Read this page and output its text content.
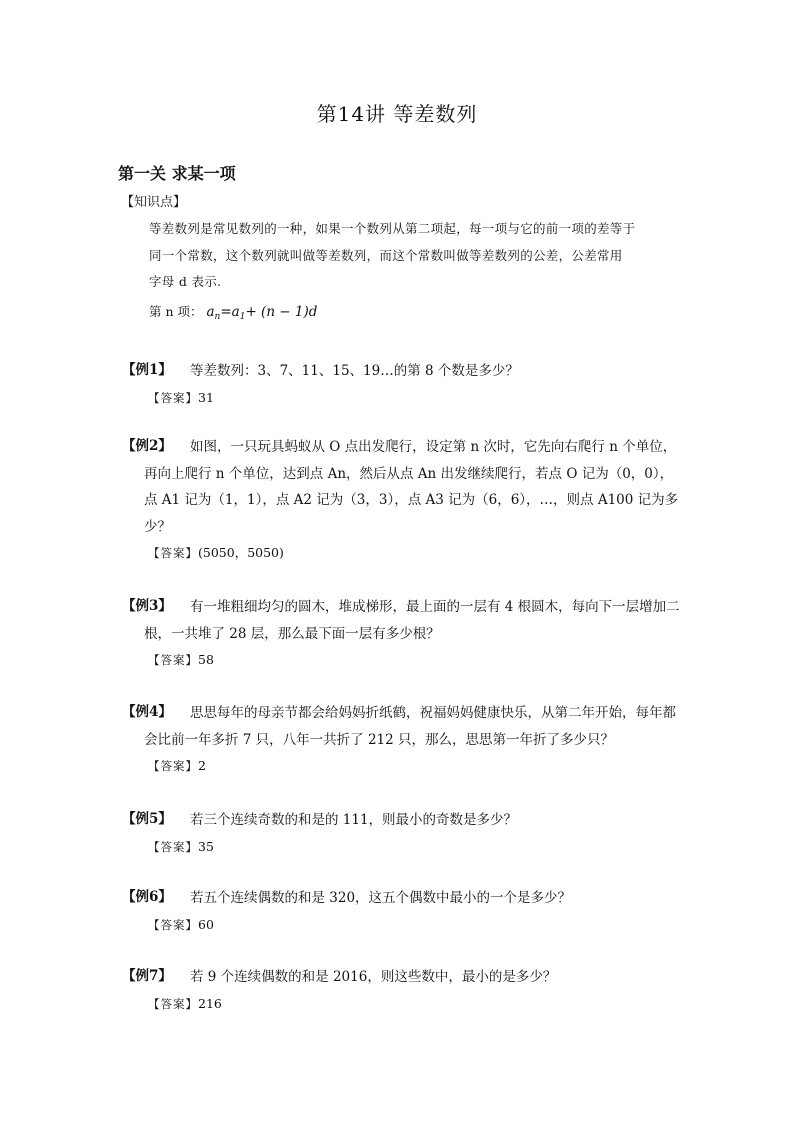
第14讲 等差数列
第一关 求某一项
【知识点】
等差数列是常见数列的一种，如果一个数列从第二项起，每一项与它的前一项的差等于
同一个常数，这个数列就叫做等差数列，而这个常数叫做等差数列的公差，公差常用
字母 d 表示.
第 n 项： $a_n=a_1+ (n - 1)d$
【例1】	等差数列：3、7、11、15、19…的第 8 个数是多少？
【答案】31
【例2】	如图，一只玩具蚂蚁从 O 点出发爬行，设定第 n 次时，它先向右爬行 n 个单位，再向上爬行 n 个单位，达到点 An，然后从点 An 出发继续爬行，若点 O 记为（0，0），点 A1 记为（1，1），点 A2 记为（3，3），点 A3 记为（6，6），…，则点 A100 记为多少？
【答案】(5050，5050)
【例3】	有一堆粗细均匀的圆木，堆成梯形，最上面的一层有 4 根圆木，每向下一层增加二根，一共堆了 28 层，那么最下面一层有多少根？
【答案】58
【例4】	思思每年的母亲节都会给妈妈折纸鹤，祝福妈妈健康快乐，从第二年开始，每年都会比前一年多折 7 只，八年一共折了 212 只，那么，思思第一年折了多少只？
【答案】2
【例5】	若三个连续奇数的和是的 111，则最小的奇数是多少？
【答案】35
【例6】	若五个连续偶数的和是 320，这五个偶数中最小的一个是多少？
【答案】60
【例7】	若 9 个连续偶数的和是 2016，则这些数中，最小的是多少？
【答案】216
